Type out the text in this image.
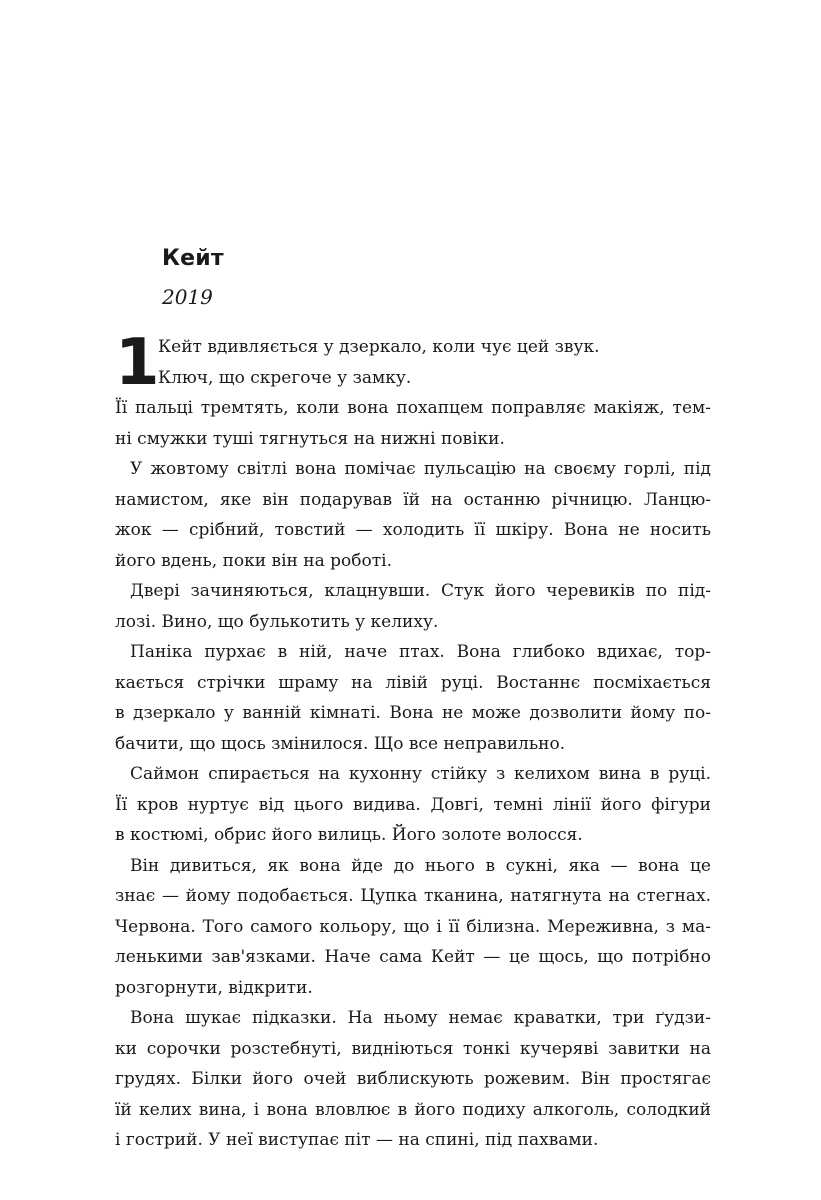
Кейт
2019
1
Кейт вдивляється у дзеркало, коли чує цей звук.
Ключ, що скрегоче у замку.
Її пальці тремтять, коли вона похапцем поправляє макіяж, тем-
ні смужки туші тягнуться на нижні повіки.
У жовтому світлі вона помічає пульсацію на своєму горлі, під
намистом, яке він подарував їй на останню річницю. Ланцю-
жок — срібний, товстий — холодить її шкіру. Вона не носить
його вдень, поки він на роботі.
Двері зачиняються, клацнувши. Стук його черевиків по під-
лозі. Вино, що булькотить у келиху.
Паніка пурхає в ній, наче птах. Вона глибоко вдихає, тор-
кається стрічки шраму на лівій руці. Востаннє посміхається
в дзеркало у ванній кімнаті. Вона не може дозволити йому по-
бачити, що щось змінилося. Що все неправильно.
Саймон спирається на кухонну стійку з келихом вина в руці.
Її кров нуртує від цього видива. Довгі, темні лінії його фігури
в костюмі, обрис його вилиць. Його золоте волосся.
Він дивиться, як вона йде до нього в сукні, яка — вона це
знає — йому подобається. Цупка тканина, натягнута на стегнах.
Червона. Того самого кольору, що і її білизна. Мереживна, з ма-
ленькими зав'язками. Наче сама Кейт — це щось, що потрібно
розгорнути, відкрити.
Вона шукає підказки. На ньому немає краватки, три ґудзи-
ки сорочки розстебнуті, видніються тонкі кучеряві завитки на
грудях. Білки його очей виблискують рожевим. Він простягає
їй келих вина, і вона вловлює в його подиху алкоголь, солодкий
і гострий. У неї виступає піт — на спині, під пахвами.
